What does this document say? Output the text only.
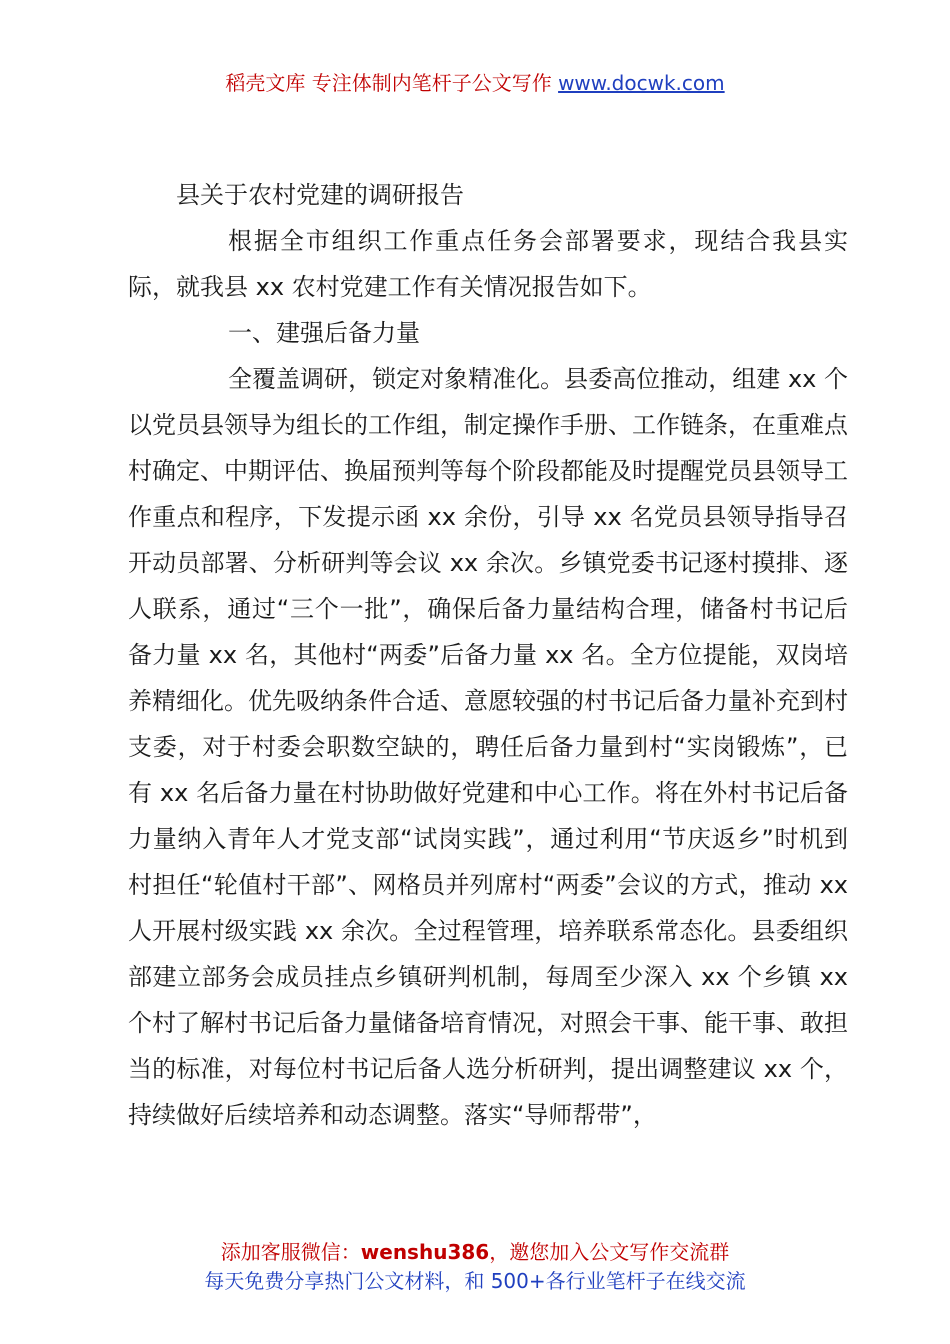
稻壳文库 专注体制内笔杆子公文写作 www.docwk.com
县关于农村党建的调研报告

根据全市组织工作重点任务会部署要求，现结合我县实际，就我县 xx 农村党建工作有关情况报告如下。

一、建强后备力量

全覆盖调研，锁定对象精准化。县委高位推动，组建 xx 个以党员县领导为组长的工作组，制定操作手册、工作链条，在重难点村确定、中期评估、换届预判等每个阶段都能及时提醒党员县领导工作重点和程序，下发提示函 xx 余份，引导 xx 名党员县领导指导召开动员部署、分析研判等会议 xx 余次。乡镇党委书记逐村摸排、逐人联系，通过“三个一批”，确保后备力量结构合理，储备村书记后备力量 xx 名，其他村“两委”后备力量 xx 名。全方位提能，双岗培养精细化。优先吸纳条件合适、意愿较强的村书记后备力量补充到村支委，对于村委会职数空缺的，聘任后备力量到村“实岗锻炼”，已有 xx 名后备力量在村协助做好党建和中心工作。将在外村书记后备力量纳入青年人才党支部“试岗实践”，通过利用“节庆返乡”时机到村担任“轮值村干部”、网格员并列席村“两委”会议的方式，推动 xx 人开展村级实践 xx 余次。全过程管理，培养联系常态化。县委组织部建立部务会成员挂点乡镇研判机制，每周至少深入 xx 个乡镇 xx 个村了解村书记后备力量储备培育情况，对照会干事、能干事、敢担当的标准，对每位村书记后备人选分析研判，提出调整建议 xx 个，持续做好后续培养和动态调整。落实“导师帮带”，

添加客服微信：wenshu386，邀您加入公文写作交流群
每天免费分享热门公文材料，和 500+各行业笔杆子在线交流
